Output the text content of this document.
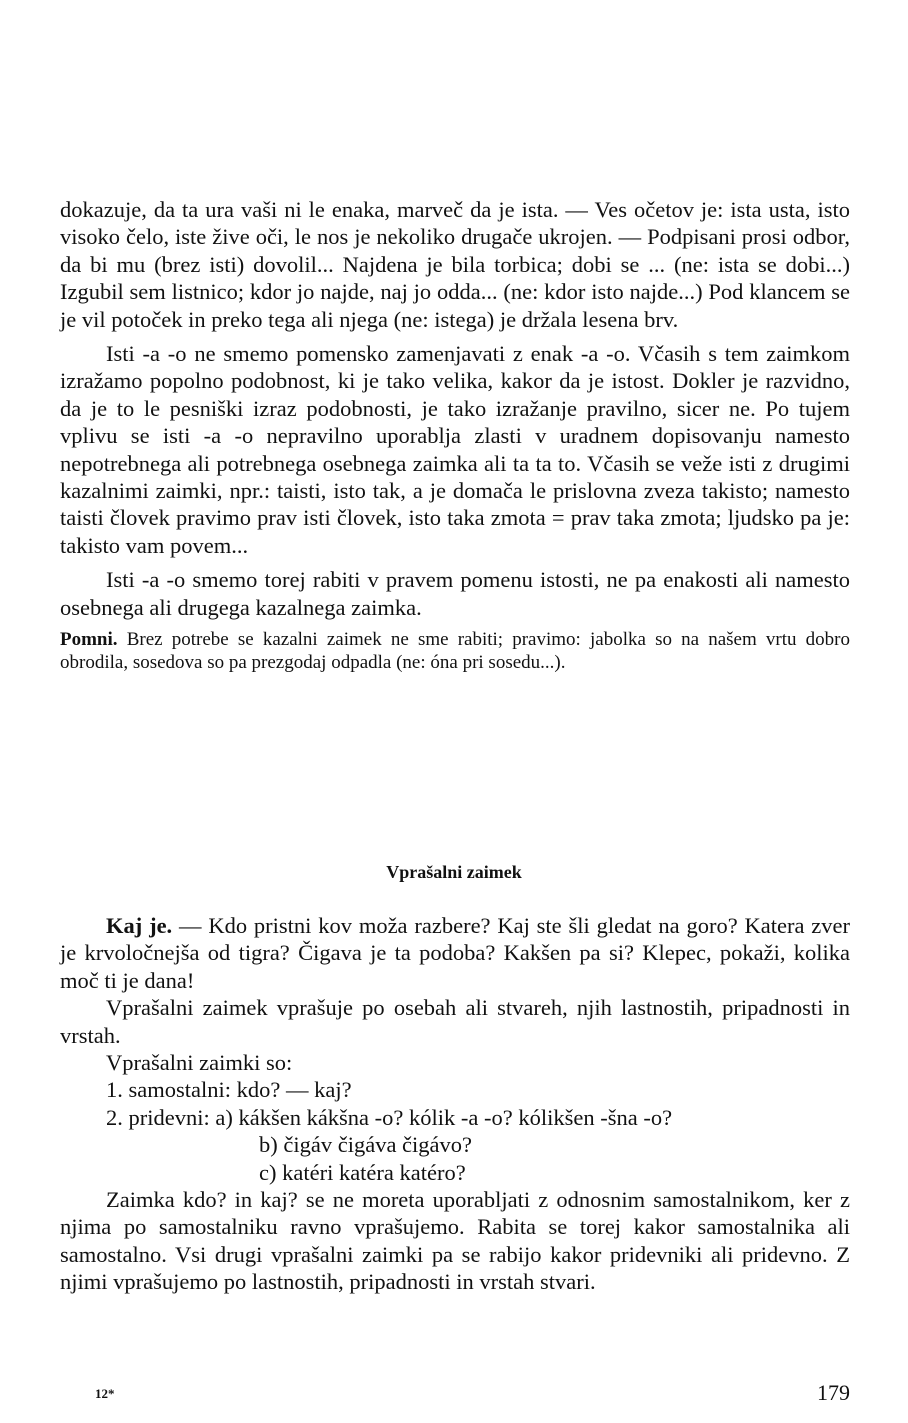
dokazuje, da ta ura vaši ni le enaka, marveč da je ista. — Ves očetov je: ista usta, isto visoko čelo, iste žive oči, le nos je nekoliko drugače ukrojen. — Podpisani prosi odbor, da bi mu (brez isti) dovolil... Najdena je bila torbica; dobi se ... (ne: ista se dobi...) Izgubil sem listnico; kdor jo najde, naj jo odda... (ne: kdor isto najde...) Pod klancem se je vil potoček in preko tega ali njega (ne: istega) je držala lesena brv.

Isti -a -o ne smemo pomensko zamenjavati z enak -a -o. Včasih s tem zaimkom izražamo popolno podobnost, ki je tako velika, kakor da je istost. Dokler je razvidno, da je to le pesniški izraz podobnosti, je tako izražanje pravilno, sicer ne. Po tujem vplivu se isti -a -o nepravilno uporablja zlasti v uradnem dopisovanju namesto nepotrebnega ali potrebnega osebnega zaimka ali ta ta to. Včasih se veže isti z drugimi kazalnimi zaimki, npr.: taisti, isto tak, a je domača le prislovna zveza takisto; namesto taisti človek pravimo prav isti človek, isto taka zmota = prav taka zmota; ljudsko pa je: takisto vam povem...

Isti -a -o smemo torej rabiti v pravem pomenu istosti, ne pa enakosti ali namesto osebnega ali drugega kazalnega zaimka.

Pomni. Brez potrebe se kazalni zaimek ne sme rabiti; pravimo: jabolka so na našem vrtu dobro obrodila, sosedova so pa prezgodaj odpadla (ne: óna pri sosedu...).

Vprašalni zaimek

Kaj je. — Kdo pristni kov moža razbere? Kaj ste šli gledat na goro? Katera zver je krvoločnejša od tigra? Čigava je ta podoba? Kakšen pa si? Klepec, pokaži, kolika moč ti je dana!

Vprašalni zaimek vprašuje po osebah ali stvareh, njih lastnostih, pripadnosti in vrstah.

Vprašalni zaimki so:

1. samostalni: kdo? — kaj?

2. pridevni: a) kákšen kákšna -o? kólik -a -o? kólikšen -šna -o?

b) čigáv čigáva čigávo?

c) katéri katéra katéro?

Zaimka kdo? in kaj? se ne moreta uporabljati z odnosnim samostalnikom, ker z njima po samostalniku ravno vprašujemo. Rabita se torej kakor samostalnika ali samostalno. Vsi drugi vprašalni zaimki pa se rabijo kakor pridevniki ali pridevno. Z njimi vprašujemo po lastnostih, pripadnosti in vrstah stvari.

12*	179
